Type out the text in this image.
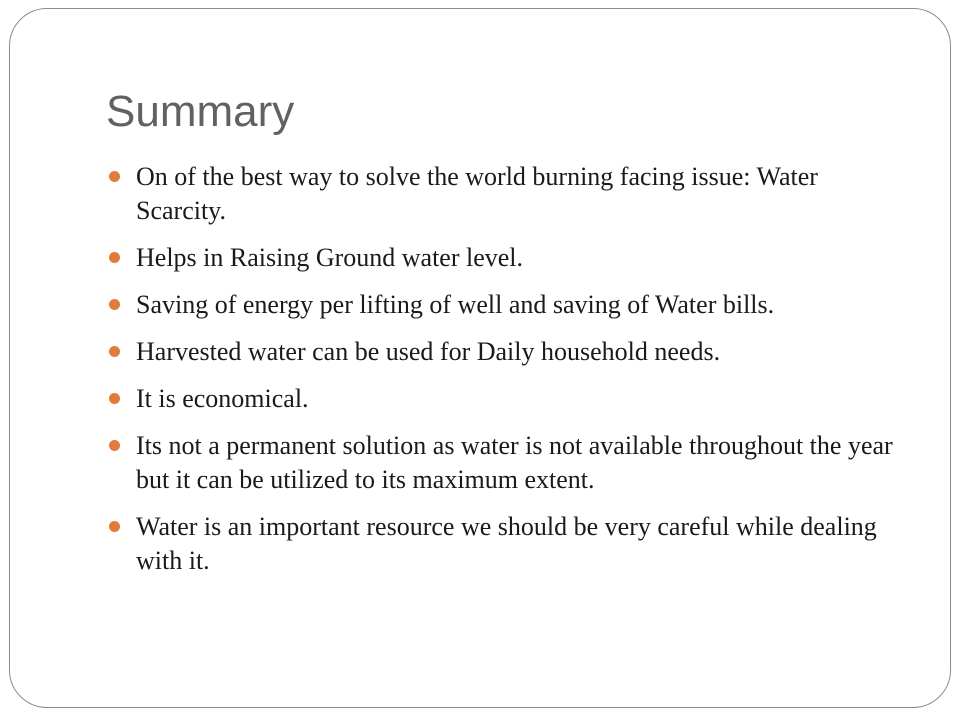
Summary
On of the best way to solve the world burning facing issue: Water Scarcity.
Helps in Raising Ground water level.
Saving of energy per lifting of well and saving of Water bills.
Harvested water can be used for Daily household needs.
It is economical.
Its not a permanent solution as water is not available throughout the year but it can be utilized to its maximum extent.
Water is an important resource we should be very careful while dealing with it.
